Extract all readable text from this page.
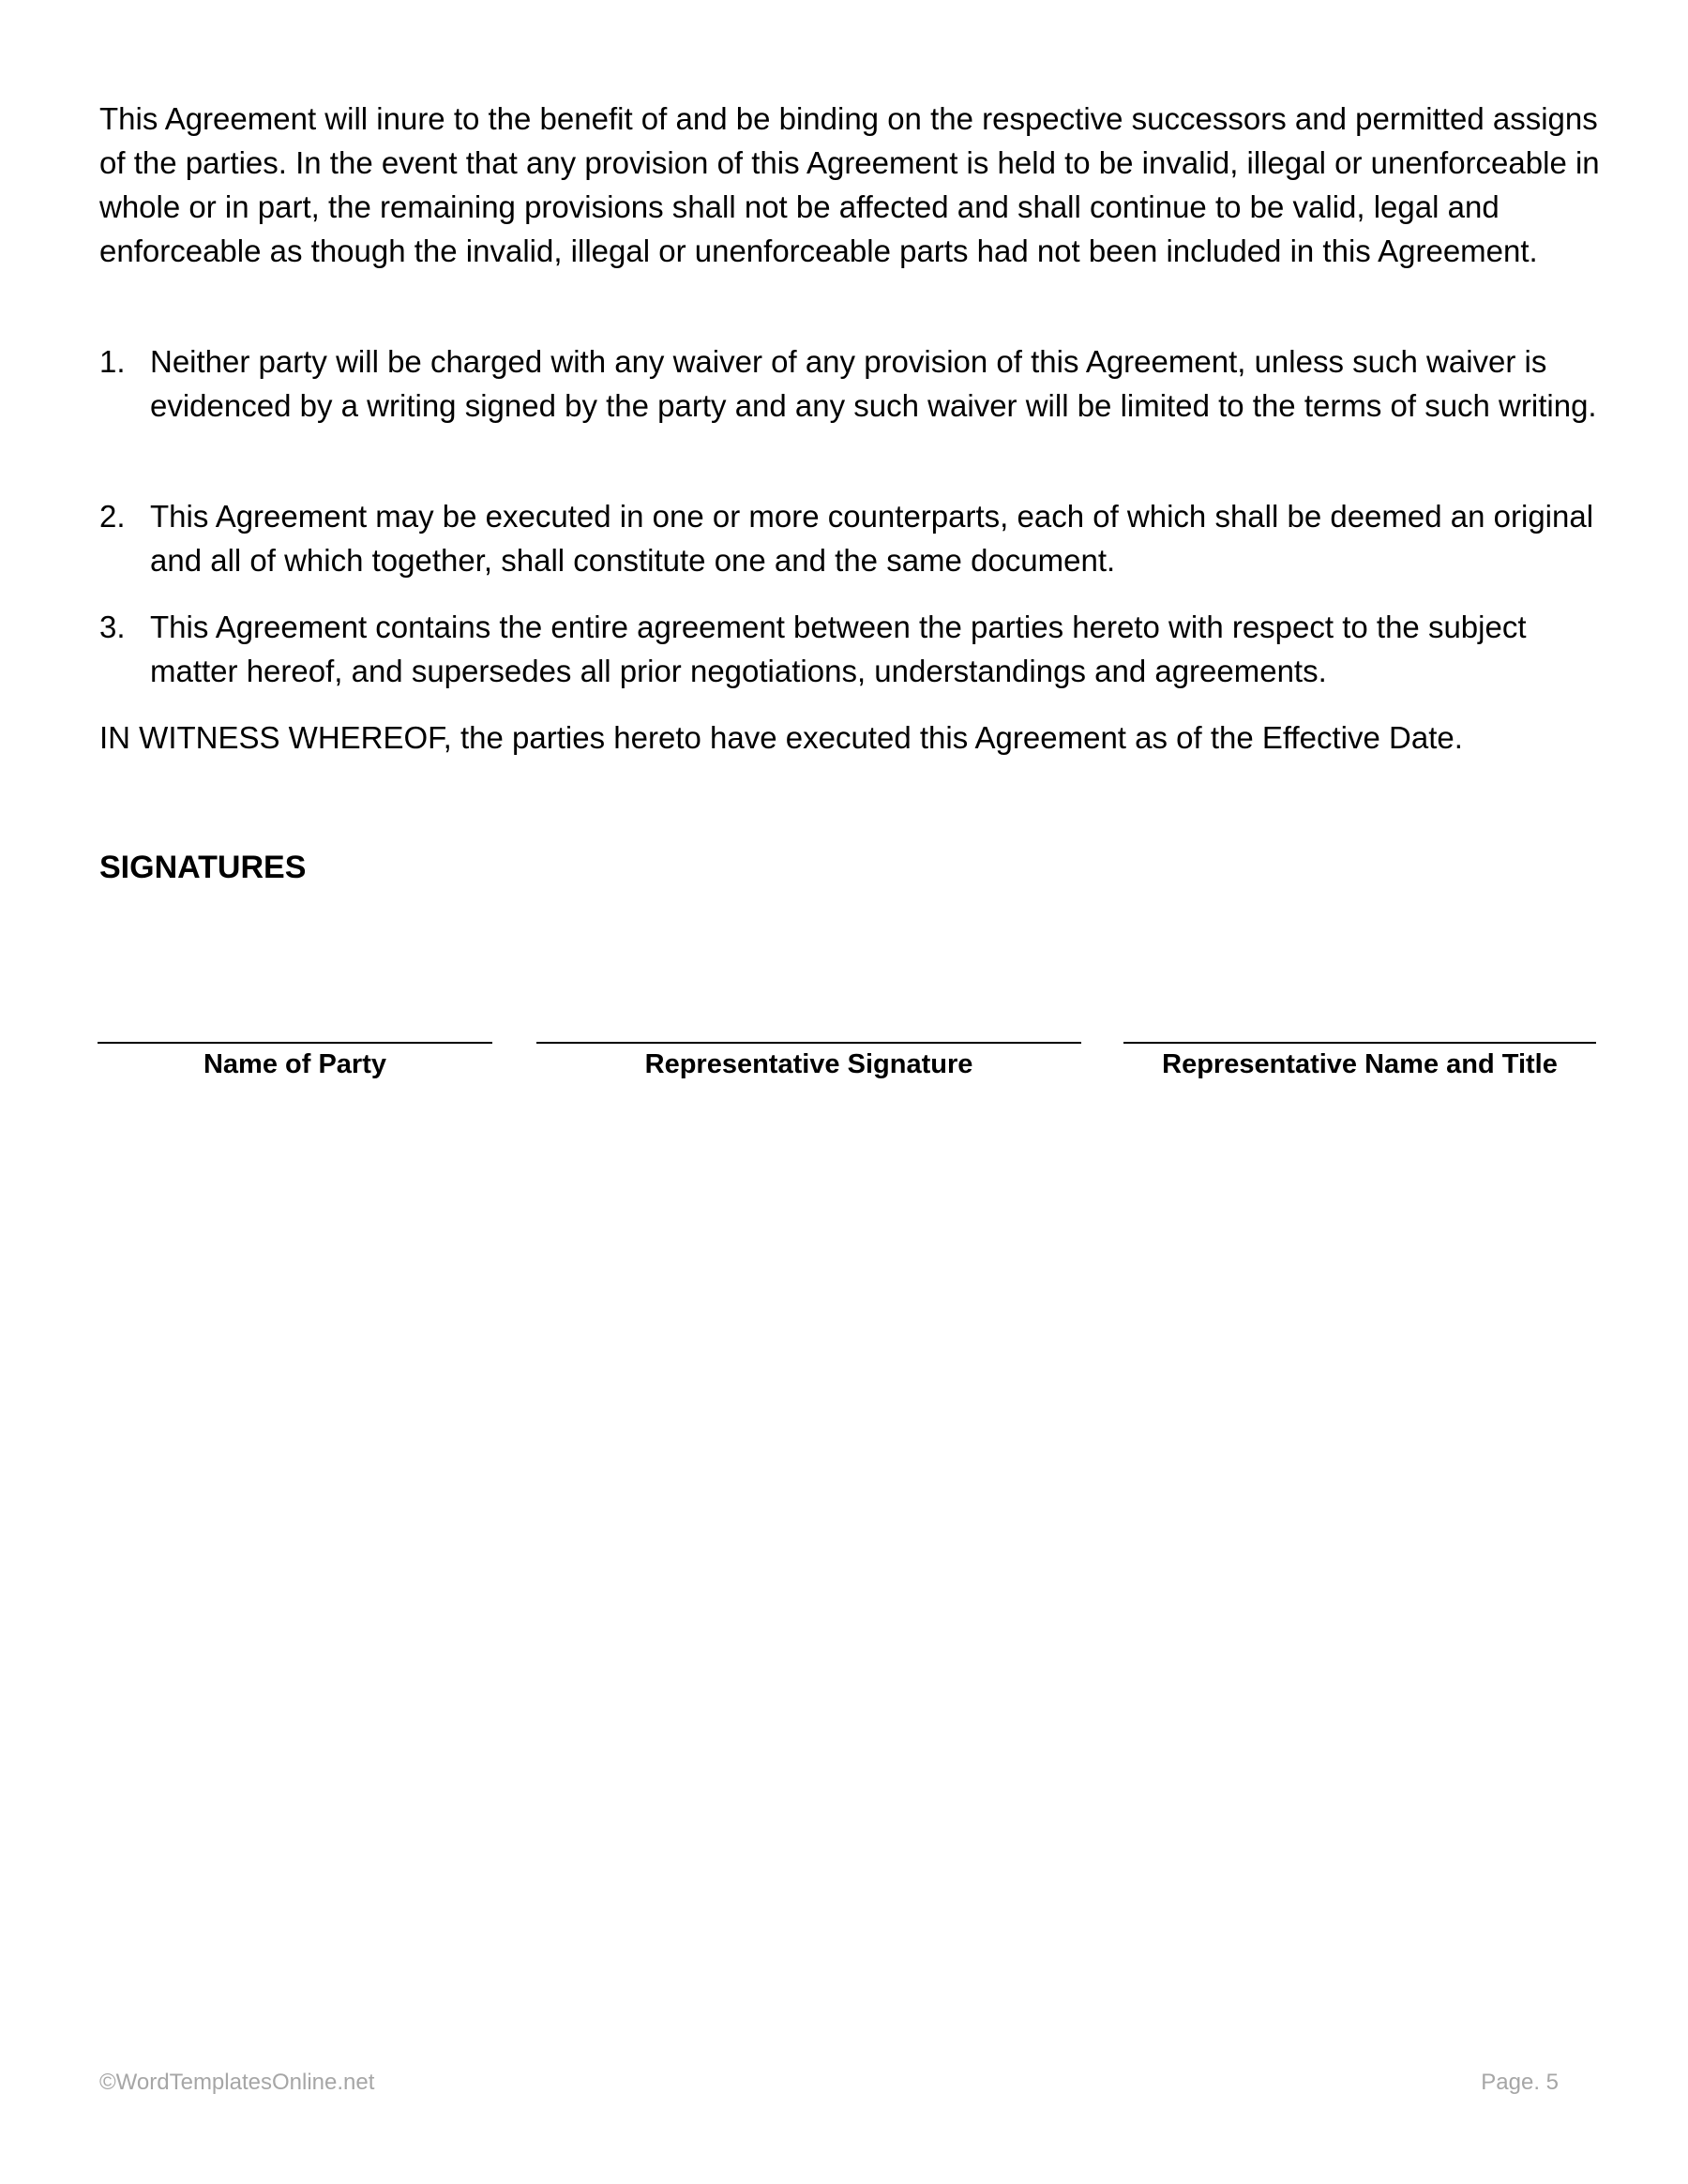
This Agreement will inure to the benefit of and be binding on the respective successors and permitted assigns of the parties. In the event that any provision of this Agreement is held to be invalid, illegal or unenforceable in whole or in part, the remaining provisions shall not be affected and shall continue to be valid, legal and enforceable as though the invalid, illegal or unenforceable parts had not been included in this Agreement.

1. Neither party will be charged with any waiver of any provision of this Agreement, unless such waiver is evidenced by a writing signed by the party and any such waiver will be limited to the terms of such writing.
2. This Agreement may be executed in one or more counterparts, each of which shall be deemed an original and all of which together, shall constitute one and the same document.
3. This Agreement contains the entire agreement between the parties hereto with respect to the subject matter hereof, and supersedes all prior negotiations, understandings and agreements.

IN WITNESS WHEREOF, the parties hereto have executed this Agreement as of the Effective Date.

SIGNATURES
Name of Party	Representative Signature	Representative Name and Title
©WordTemplatesOnline.net	Page. 5
